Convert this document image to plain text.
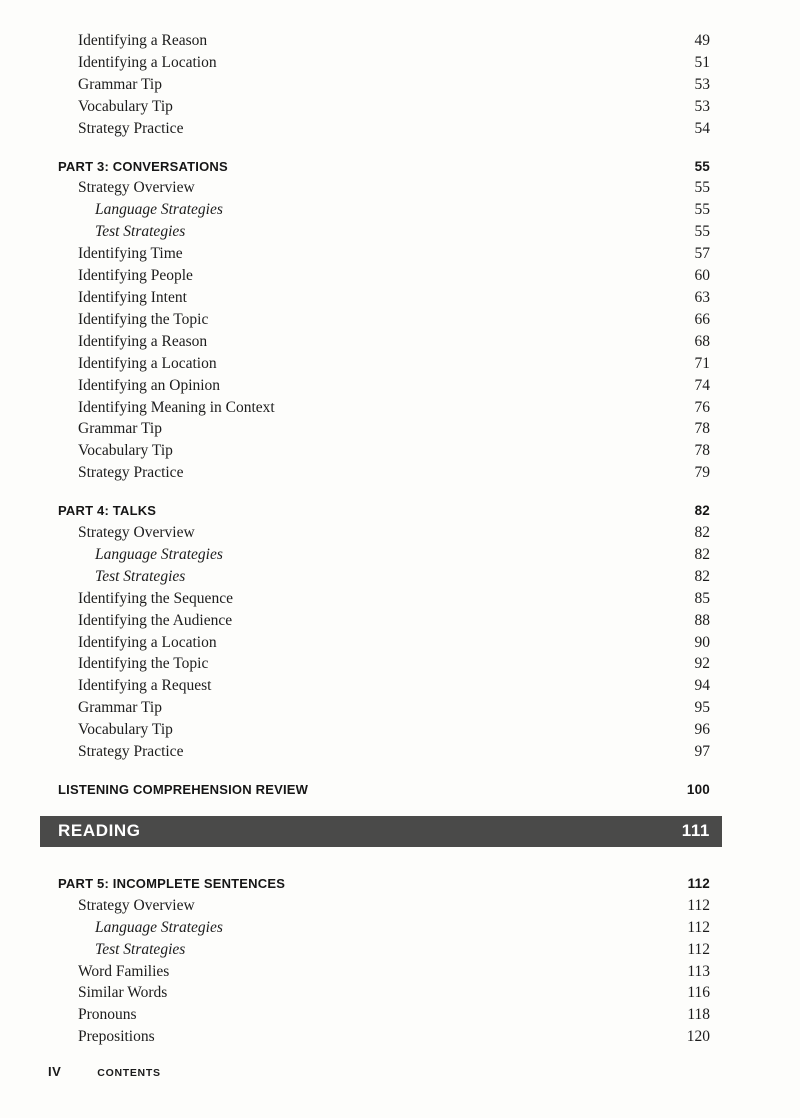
Identifying a Reason	49
Identifying a Location	51
Grammar Tip	53
Vocabulary Tip	53
Strategy Practice	54
PART 3: CONVERSATIONS	55
Strategy Overview	55
Language Strategies	55
Test Strategies	55
Identifying Time	57
Identifying People	60
Identifying Intent	63
Identifying the Topic	66
Identifying a Reason	68
Identifying a Location	71
Identifying an Opinion	74
Identifying Meaning in Context	76
Grammar Tip	78
Vocabulary Tip	78
Strategy Practice	79
PART 4: TALKS	82
Strategy Overview	82
Language Strategies	82
Test Strategies	82
Identifying the Sequence	85
Identifying the Audience	88
Identifying a Location	90
Identifying the Topic	92
Identifying a Request	94
Grammar Tip	95
Vocabulary Tip	96
Strategy Practice	97
LISTENING COMPREHENSION REVIEW	100
READING	111
PART 5: INCOMPLETE SENTENCES	112
Strategy Overview	112
Language Strategies	112
Test Strategies	112
Word Families	113
Similar Words	116
Pronouns	118
Prepositions	120
IV	CONTENTS
